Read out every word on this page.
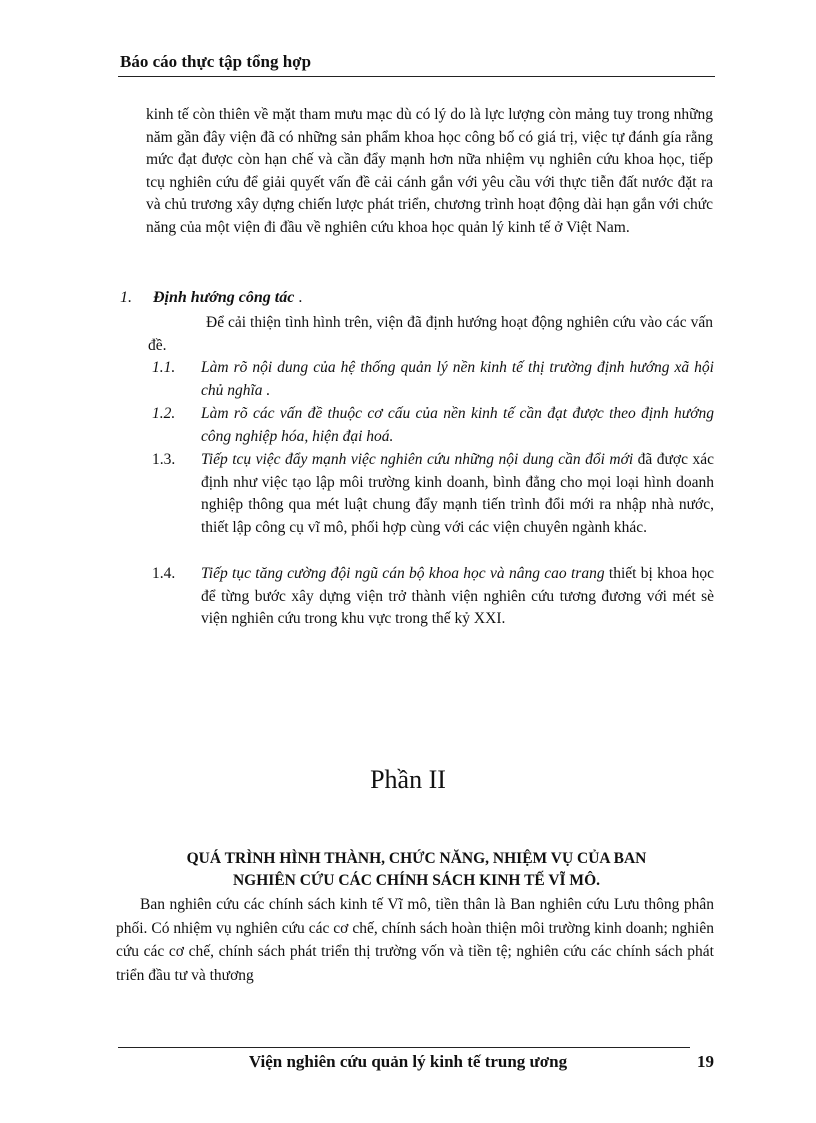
Báo cáo thực tập tổng hợp

kinh tế còn thiên về mặt tham mưu mạc dù có lý do là lực lượng còn mảng tuy trong những năm gần đây viện đã có những sản phẩm khoa học công bố có giá trị, việc tự đánh gía rằng mức đạt được còn hạn chế và cần đẩy mạnh hơn nữa nhiệm vụ nghiên cứu khoa học, tiếp tcụ nghiên cứu để giải quyết vấn đề cải cánh gắn với yêu cầu với thực tiễn đất nước đặt ra và chủ trương xây dựng chiến lược phát triển, chương trình hoạt động dài hạn gắn với chức năng của một viện đi đầu về nghiên cứu khoa học quản lý kinh tế ở Việt Nam.

1. Định hướng công tác .

Để cải thiện tình hình trên, viện đã định hướng hoạt động nghiên cứu vào các vấn đề.

1.1. Làm rõ nội dung của hệ thống quản lý nền kinh tế thị trường định hướng xã hội chủ nghĩa .
1.2. Làm rõ các vấn đề thuộc cơ cấu của nền kinh tế cần đạt được theo định hướng công nghiệp hóa, hiện đại hoá.
1.3. Tiếp tcụ việc đẩy mạnh việc nghiên cứu những nội dung cần đổi mới đã được xác định như việc tạo lập môi trường kinh doanh, bình đẳng cho mọi loại hình doanh nghiệp thông qua mét luật chung đẩy mạnh tiến trình đổi mới ra nhập nhà nước, thiết lập công cụ vĩ mô, phối hợp cùng với các viện chuyên ngành khác.
1.4. Tiếp tục tăng cường đội ngũ cán bộ khoa học và nâng cao trang thiết bị khoa học để từng bước xây dựng viện trở thành viện nghiên cứu tương đương với mét sè viện nghiên cứu trong khu vực trong thế kỷ XXI.
Phần II
QUÁ TRÌNH HÌNH THÀNH, CHỨC NĂNG, NHIỆM VỤ CỦA BAN
NGHIÊN CỨU CÁC CHÍNH SÁCH KINH TẾ VĨ MÔ.

Ban nghiên cứu các chính sách kinh tế Vĩ mô, tiền thân là Ban nghiên cứu Lưu thông phân phối. Có nhiệm vụ nghiên cứu các cơ chế, chính sách hoàn thiện môi trường kinh doanh; nghiên cứu các cơ chế, chính sách phát triển thị trường vốn và tiền tệ; nghiên cứu các chính sách phát triển đầu tư và thương

Viện nghiên cứu quản lý kinh tế trung ương	19
